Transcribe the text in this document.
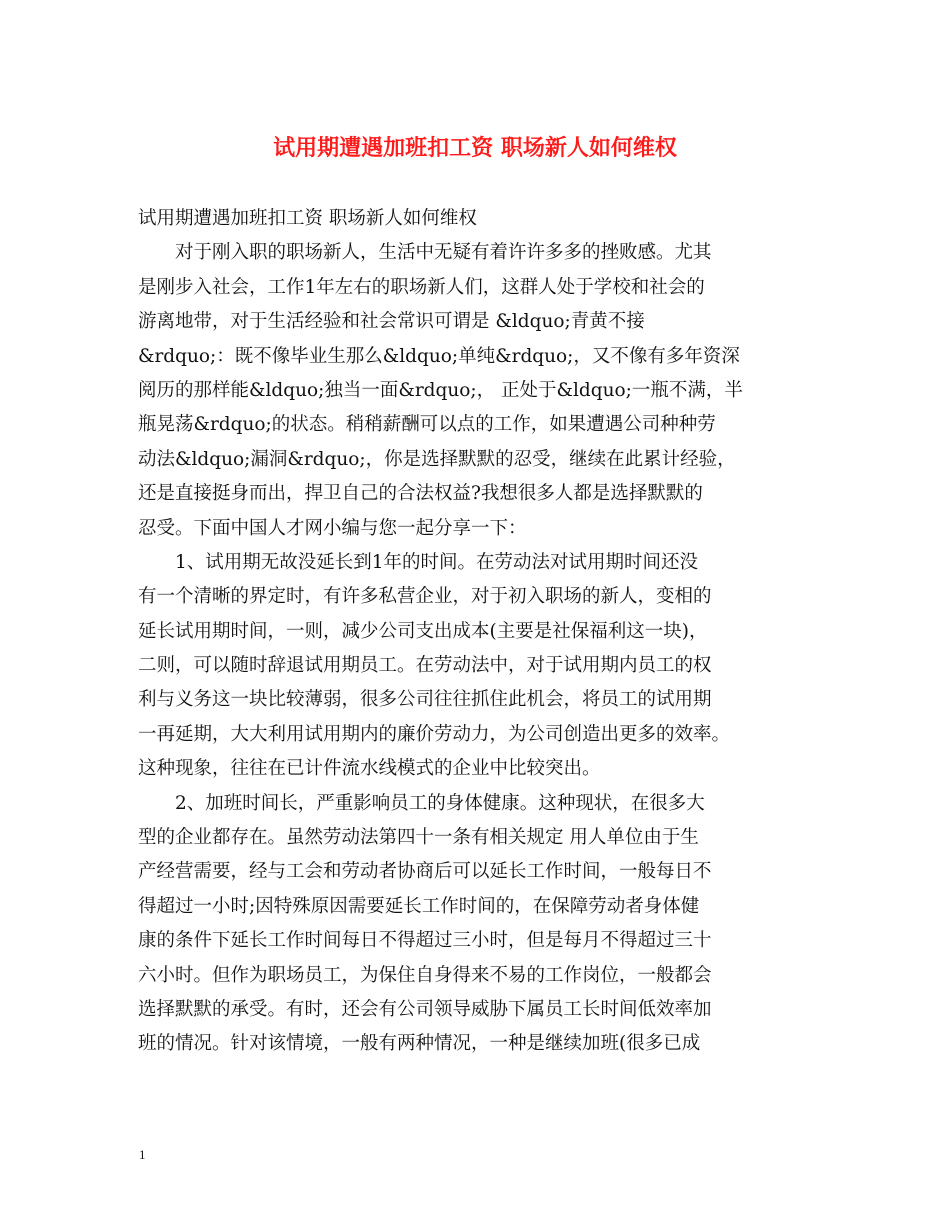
试用期遭遇加班扣工资 职场新人如何维权
试用期遭遇加班扣工资 职场新人如何维权
　　对于刚入职的职场新人，生活中无疑有着许许多多的挫败感。尤其
是刚步入社会，工作1年左右的职场新人们，这群人处于学校和社会的
游离地带，对于生活经验和社会常识可谓是 &ldquo;青黄不接
&rdquo;：既不像毕业生那么&ldquo;单纯&rdquo;，又不像有多年资深
阅历的那样能&ldquo;独当一面&rdquo;， 正处于&ldquo;一瓶不满，半
瓶晃荡&rdquo;的状态。稍稍薪酬可以点的工作，如果遭遇公司种种劳
动法&ldquo;漏洞&rdquo;，你是选择默默的忍受，继续在此累计经验，
还是直接挺身而出，捍卫自己的合法权益?我想很多人都是选择默默的
忍受。下面中国人才网小编与您一起分享一下：
　　1、试用期无故没延长到1年的时间。在劳动法对试用期时间还没
有一个清晰的界定时，有许多私营企业，对于初入职场的新人，变相的
延长试用期时间，一则，减少公司支出成本(主要是社保福利这一块)，
二则，可以随时辞退试用期员工。在劳动法中，对于试用期内员工的权
利与义务这一块比较薄弱，很多公司往往抓住此机会，将员工的试用期
一再延期，大大利用试用期内的廉价劳动力，为公司创造出更多的效率。
这种现象，往往在已计件流水线模式的企业中比较突出。
　　2、加班时间长，严重影响员工的身体健康。这种现状，在很多大
型的企业都存在。虽然劳动法第四十一条有相关规定 用人单位由于生
产经营需要，经与工会和劳动者协商后可以延长工作时间，一般每日不
得超过一小时;因特殊原因需要延长工作时间的，在保障劳动者身体健
康的条件下延长工作时间每日不得超过三小时，但是每月不得超过三十
六小时。但作为职场员工，为保住自身得来不易的工作岗位，一般都会
选择默默的承受。有时，还会有公司领导威胁下属员工长时间低效率加
班的情况。针对该情境，一般有两种情况，一种是继续加班(很多已成
1
